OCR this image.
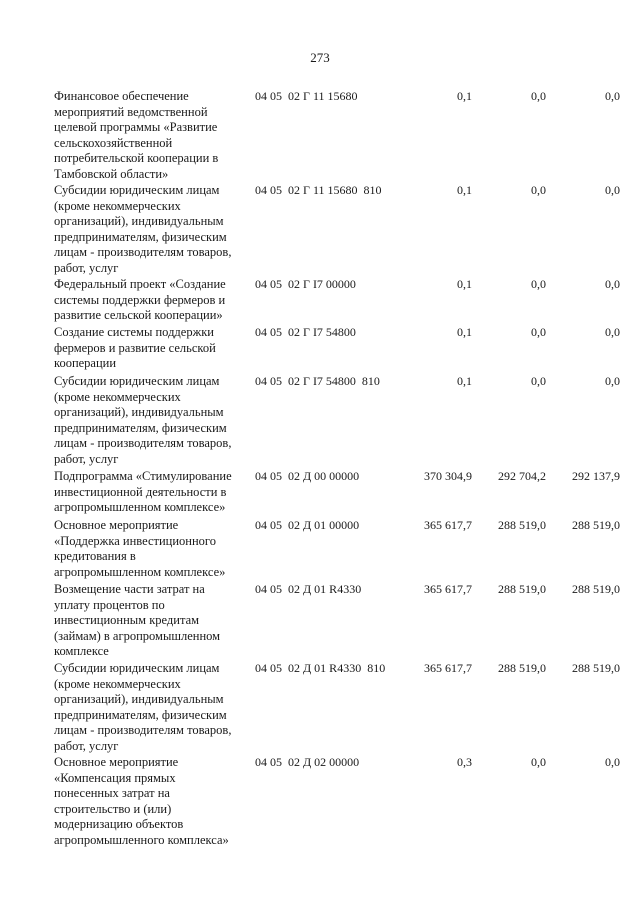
273
Финансовое обеспечение
мероприятий ведомственной
целевой программы «Развитие
сельскохозяйственной
потребительской кооперации в
Тамбовской области»
04 05  02 Г 11 15680	0,1	0,0	0,0
Субсидии юридическим лицам
(кроме некоммерческих
организаций), индивидуальным
предпринимателям, физическим
лицам - производителям товаров,
работ, услуг
04 05  02 Г 11 15680  810	0,1	0,0	0,0
Федеральный проект «Создание
системы поддержки фермеров и
развитие сельской кооперации»
04 05  02 Г I7 00000	0,1	0,0	0,0
Создание системы поддержки
фермеров и развитие сельской
кооперации
04 05  02 Г I7 54800	0,1	0,0	0,0
Субсидии юридическим лицам
(кроме некоммерческих
организаций), индивидуальным
предпринимателям, физическим
лицам - производителям товаров,
работ, услуг
04 05  02 Г I7 54800  810	0,1	0,0	0,0
Подпрограмма «Стимулирование
инвестиционной деятельности в
агропромышленном комплексе»
04 05  02 Д 00 00000	370 304,9	292 704,2	292 137,9
Основное мероприятие
«Поддержка инвестиционного
кредитования в
агропромышленном комплексе»
04 05  02 Д 01 00000	365 617,7	288 519,0	288 519,0
Возмещение части затрат на
уплату процентов по
инвестиционным кредитам
(займам) в агропромышленном
комплексе
04 05  02 Д 01 R4330	365 617,7	288 519,0	288 519,0
Субсидии юридическим лицам
(кроме некоммерческих
организаций), индивидуальным
предпринимателям, физическим
лицам - производителям товаров,
работ, услуг
04 05  02 Д 01 R4330  810	365 617,7	288 519,0	288 519,0
Основное мероприятие
«Компенсация прямых
понесенных затрат на
строительство и (или)
модернизацию объектов
агропромышленного комплекса»
04 05  02 Д 02 00000	0,3	0,0	0,0
